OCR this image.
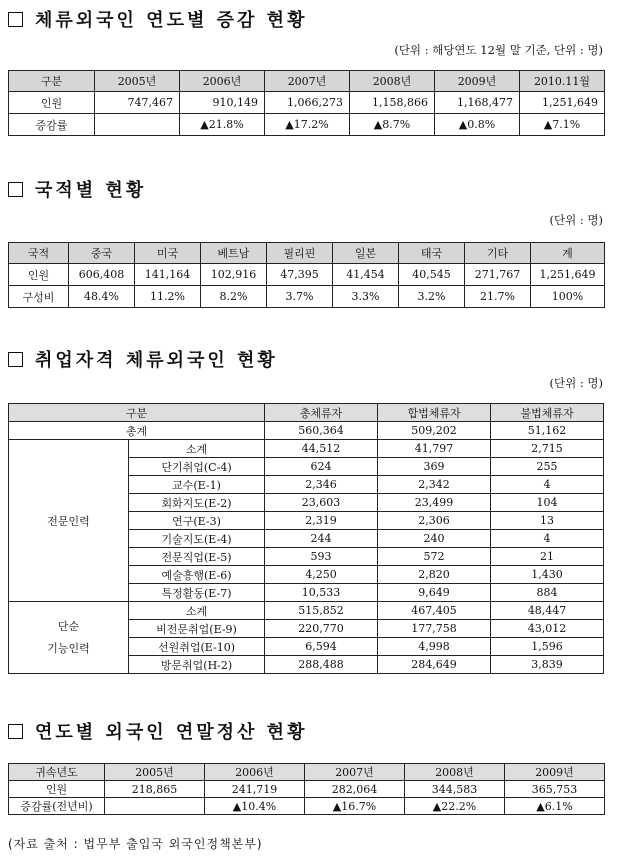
체류외국인 연도별 증감 현황
(단위 : 해당연도 12월 말 기준, 단위 : 명)
구분	2005년	2006년	2007년	2008년	2009년	2010.11월
인원	747,467	910,149	1,066,273	1,158,866	1,168,477	1,251,649
증감률		▲21.8%	▲17.2%	▲8.7%	▲0.8%	▲7.1%
국적별 현황
(단위 : 명)
국적	중국	미국	베트남	필리핀	일본	태국	기타	계
인원	606,408	141,164	102,916	47,395	41,454	40,545	271,767	1,251,649
구성비	48.4%	11.2%	8.2%	3.7%	3.3%	3.2%	21.7%	100%
취업자격 체류외국인 현황
(단위 : 명)
구분		총체류자	합법체류자	불법체류자
총계		560,364	509,202	51,162
전문인력	소계	44,512	41,797	2,715
	단기취업(C-4)	624	369	255
	교수(E-1)	2,346	2,342	4
	회화지도(E-2)	23,603	23,499	104
	연구(E-3)	2,319	2,306	13
	기술지도(E-4)	244	240	4
	전문직업(E-5)	593	572	21
	예술흥행(E-6)	4,250	2,820	1,430
	특정활동(E-7)	10,533	9,649	884

단순
기능인력	소계	515,852	467,405	48,447
	비전문취업(E-9)	220,770	177,758	43,012
	선원취업(E-10)	6,594	4,998	1,596
	방문취업(H-2)	288,488	284,649	3,839
연도별 외국인 연말정산 현황
귀속년도	2005년	2006년	2007년	2008년	2009년
인원	218,865	241,719	282,064	344,583	365,753
증감률(전년비)		▲10.4%	▲16.7%	▲22.2%	▲6.1%
(자료 출처 : 법무부 출입국 외국인정책본부)
